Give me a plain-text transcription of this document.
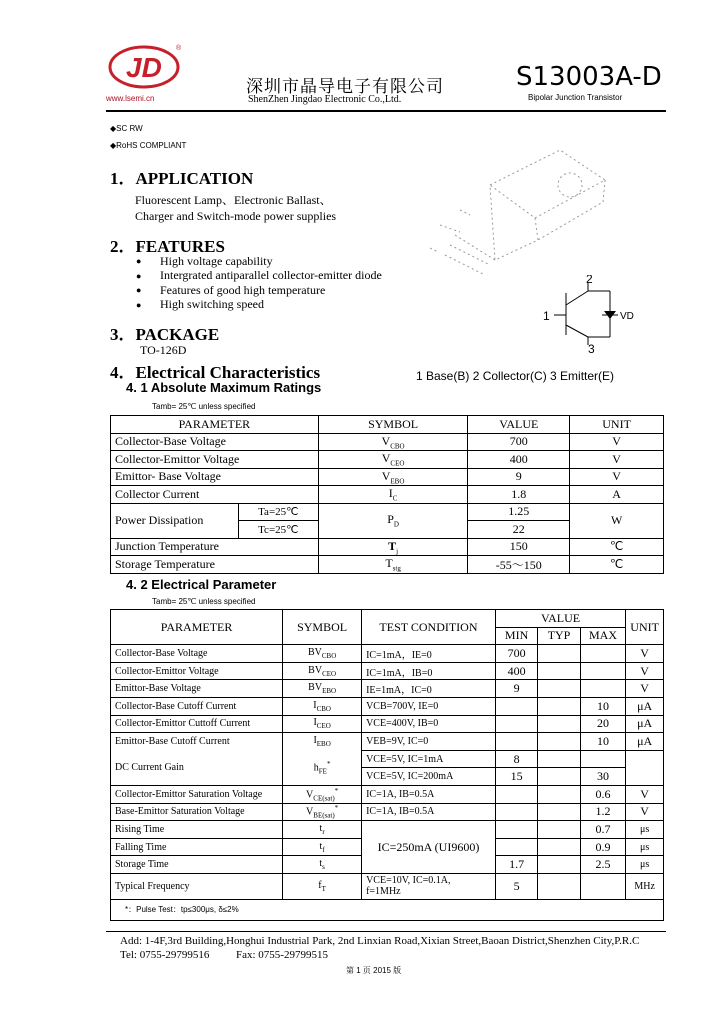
JD
®
www.lsemi.cn
深圳市晶导电子有限公司
ShenZhen Jingdao Electronic Co.,Ltd.
S13003A-D
Bipolar Junction Transistor
◆SC RW
◆RoHS COMPLIANT
1．APPLICATION
Fluorescent Lamp、Electronic Ballast、
Charger and Switch-mode power supplies
2．FEATURES
●	High voltage capability
●	Intergrated antiparallel collector-emitter diode
●	Features of good high temperature
●	High switching speed
3．PACKAGE
TO-126D
4．Electrical Characteristics	1 Base(B) 2 Collector(C) 3 Emitter(E)
1
2
3
VD
4. 1 Absolute Maximum Ratings
Tamb= 25℃ unless specified
PARAMETER		SYMBOL	VALUE	UNIT
Collector-Base Voltage		$V_{CBO}$	700	V
Collector-Emittor Voltage		$V_{CEO}$	400	V
Emittor- Base Voltage		$V_{EBO}$	9	V
Collector Current		$I_C$	1.8	A
Power Dissipation	Ta=25℃	$P_D$	1.25	W
	Tc=25℃		22	
Junction Temperature		$T_j$	150	℃
Storage Temperature		$T_{stg}$	-55～150	℃
4. 2 Electrical Parameter
Tamb= 25℃ unless specified
PARAMETER	SYMBOL	TEST CONDITION	VALUE			UNIT
			MIN	TYP	MAX	
Collector-Base Voltage	$BV_{CBO}$	IC=1mA，IE=0	700			V
Collector-Emittor Voltage	$BV_{CEO}$	IC=1mA，IB=0	400			V
Emittor-Base Voltage	$BV_{EBO}$	IE=1mA，IC=0	9			V
Collector-Base Cutoff Current	$I_{CBO}$	VCB=700V, IE=0			10	μA
Collector-Emittor Cuttoff Current	$I_{CEO}$	VCE=400V, IB=0			20	μA
Emittor-Base Cutoff Current	$I_{EBO}$	VEB=9V, IC=0			10	μA
DC Current Gain	$h_{FE}^*$	VCE=5V, IC=1mA	8			
		VCE=5V, IC=200mA	15		30	
Collector-Emittor Saturation Voltage	$V_{CE(sat)}^*$	IC=1A, IB=0.5A			0.6	V
Base-Emittor Saturation Voltage	$V_{BE(sat)}^*$	IC=1A, IB=0.5A			1.2	V
Rising Time	$t_r$	IC=250mA (UI9600)			0.7	μs
Falling Time	$t_f$				0.9	μs
Storage Time	$t_s$		1.7		2.5	μs
Typical Frequency	$f_T$	VCE=10V, IC=0.1A,
f=1MHz	5			MHz
*：Pulse Test：tp≤300μs, δ≤2%						
Add: 1-4F,3rd Building,Honghui Industrial Park, 2nd Linxian Road,Xixian Street,Baoan District,Shenzhen City,P.R.C
Tel: 0755-29799516 Fax: 0755-29799515
第 1 页 2015 版
